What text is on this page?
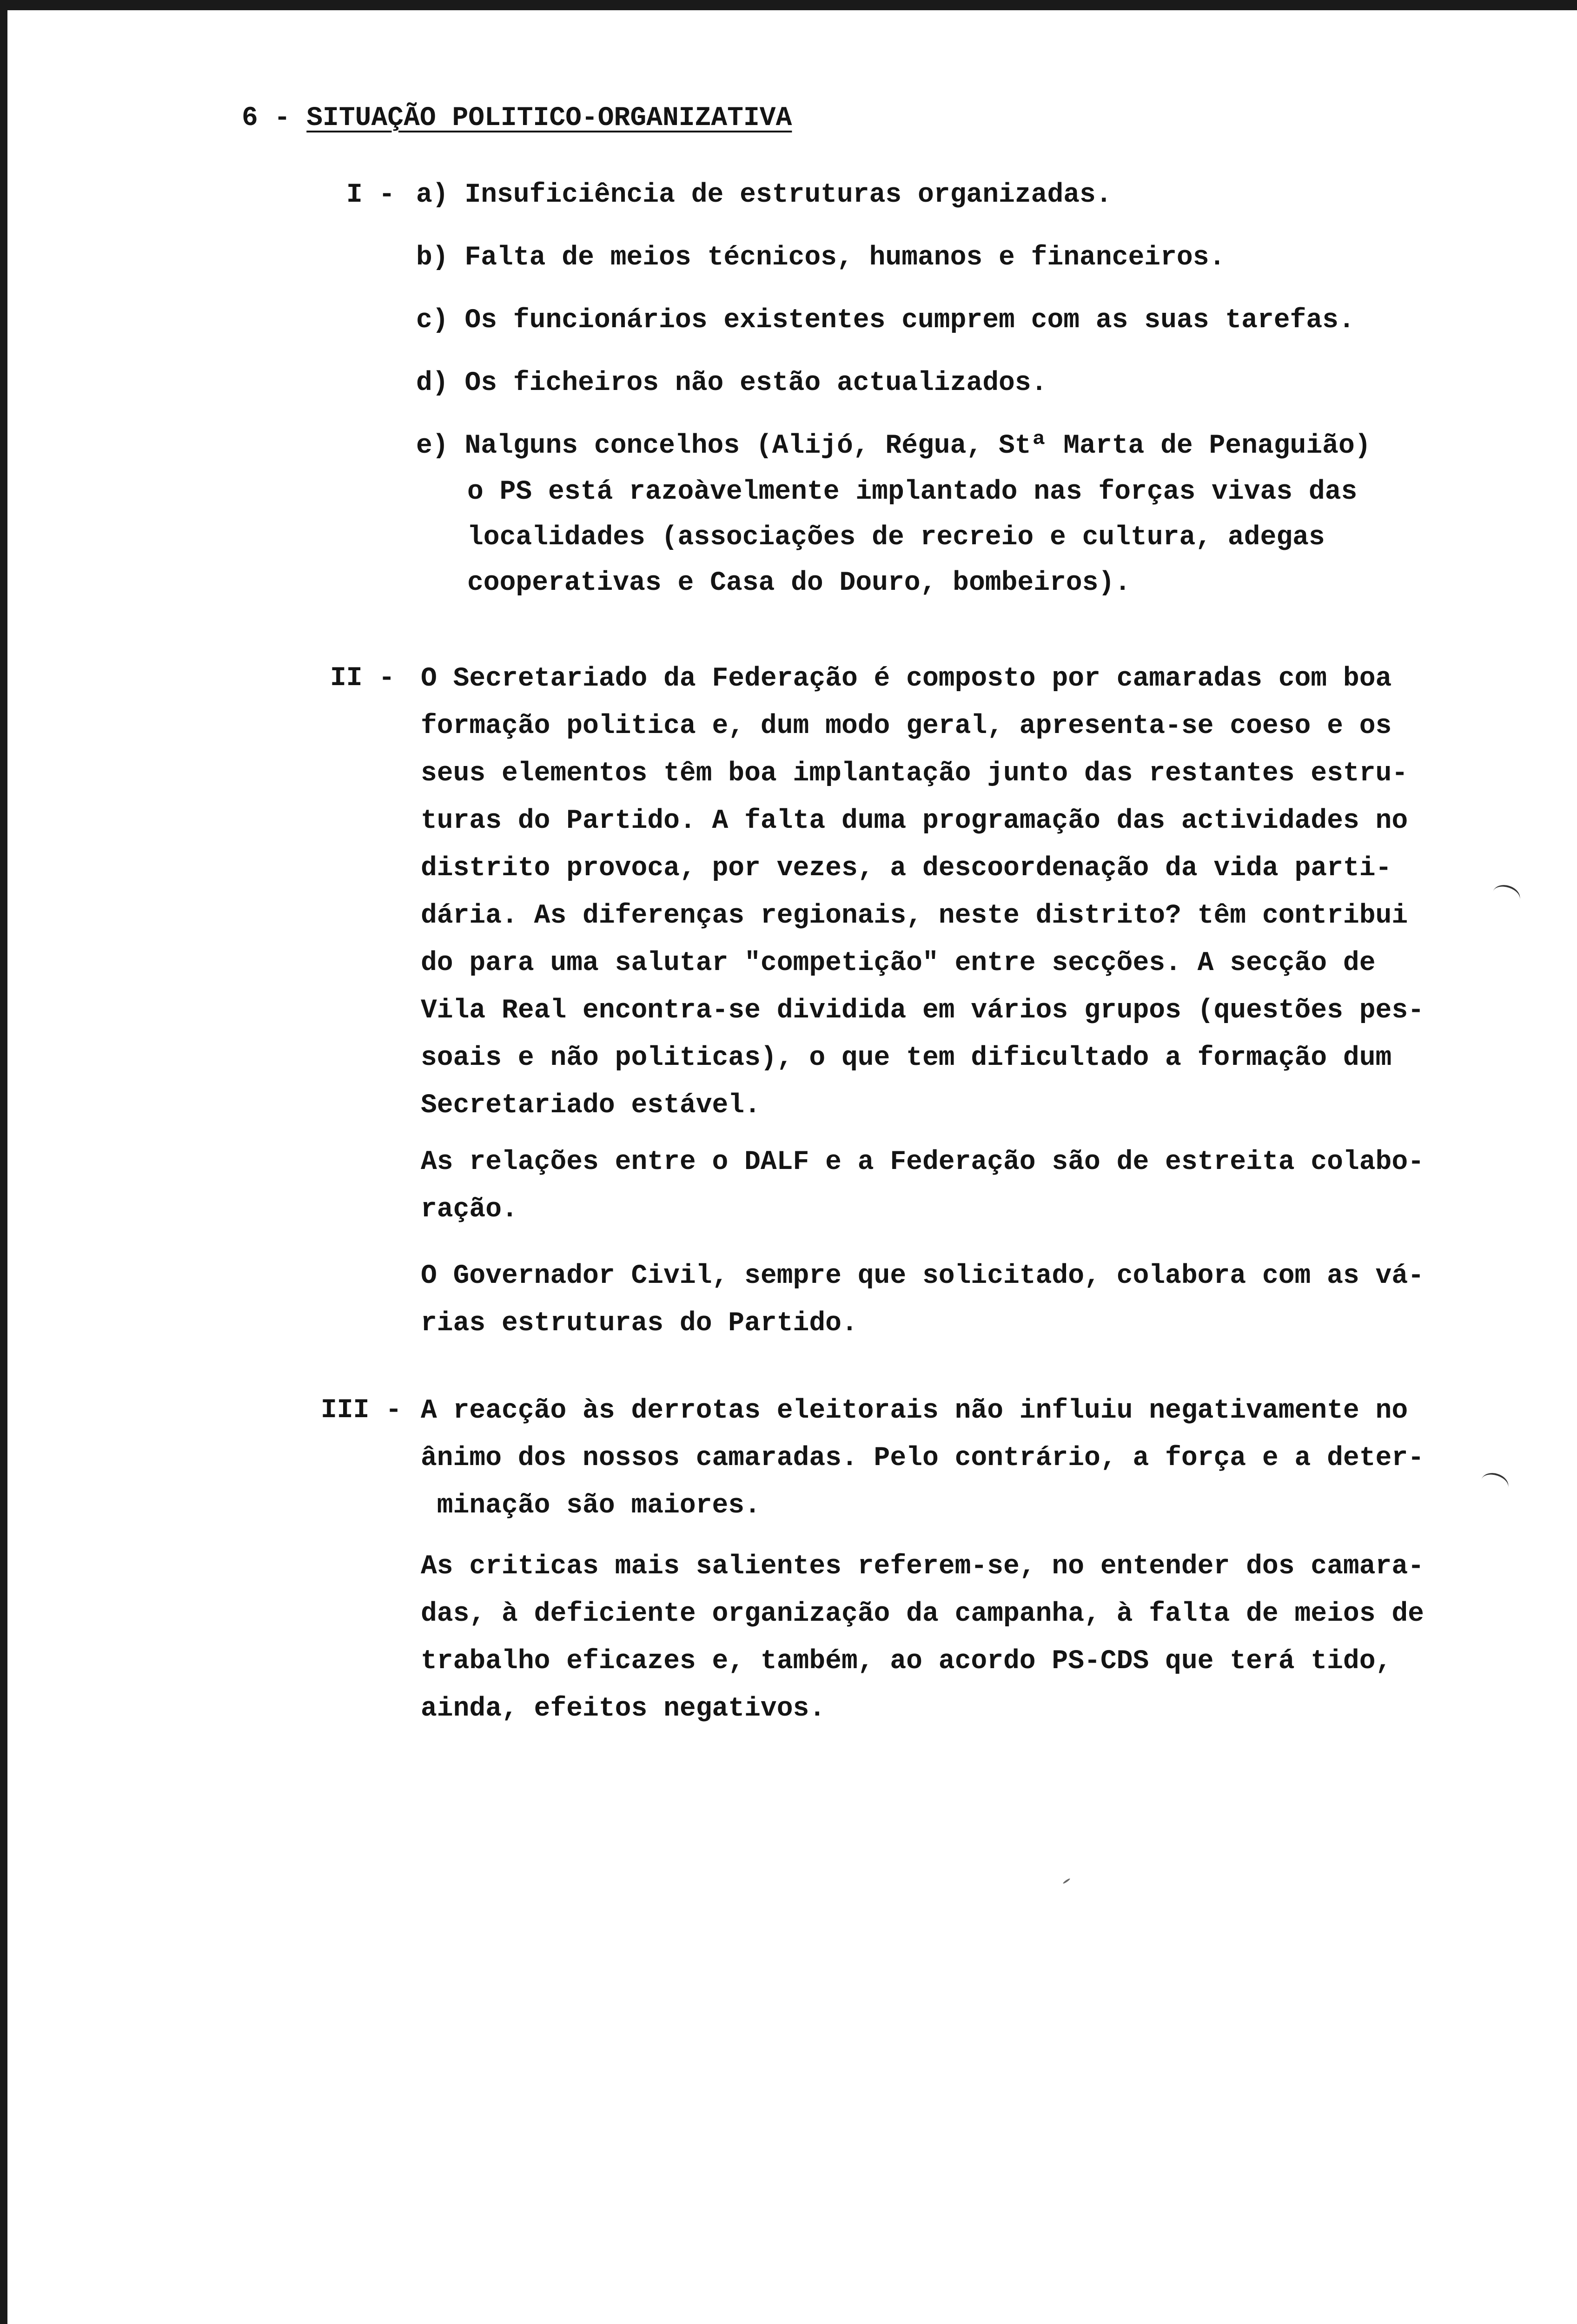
6 - SITUAÇÃO POLITICO-ORGANIZATIVA
I - a) Insuficiência de estruturas organizadas.
b) Falta de meios técnicos, humanos e financeiros.
c) Os funcionários existentes cumprem com as suas tarefas.
d) Os ficheiros não estão actualizados.
e) Nalguns concelhos (Alijó, Régua, Stª Marta de Penaguião)
o PS está razoàvelmente implantado nas forças vivas das
localidades (associações de recreio e cultura, adegas
cooperativas e Casa do Douro, bombeiros).
II - O Secretariado da Federação é composto por camaradas com boa
formação politica e, dum modo geral, apresenta-se coeso e os
seus elementos têm boa implantação junto das restantes estru-
turas do Partido. A falta duma programação das actividades no
distrito provoca, por vezes, a descoordenação da vida parti-
dária. As diferenças regionais, neste distrito? têm contribui
do para uma salutar "competição" entre secções. A secção de
Vila Real encontra-se dividida em vários grupos (questões pes-
soais e não politicas), o que tem dificultado a formação dum
Secretariado estável.
As relações entre o DALF e a Federação são de estreita colabo-
ração.
O Governador Civil, sempre que solicitado, colabora com as vá-
rias estruturas do Partido.
III - A reacção às derrotas eleitorais não influiu negativamente no
ânimo dos nossos camaradas. Pelo contrário, a força e a deter-
minação são maiores.
As criticas mais salientes referem-se, no entender dos camara-
das, à deficiente organização da campanha, à falta de meios de
trabalho eficazes e, também, ao acordo PS-CDS que terá tido,
ainda, efeitos negativos.
